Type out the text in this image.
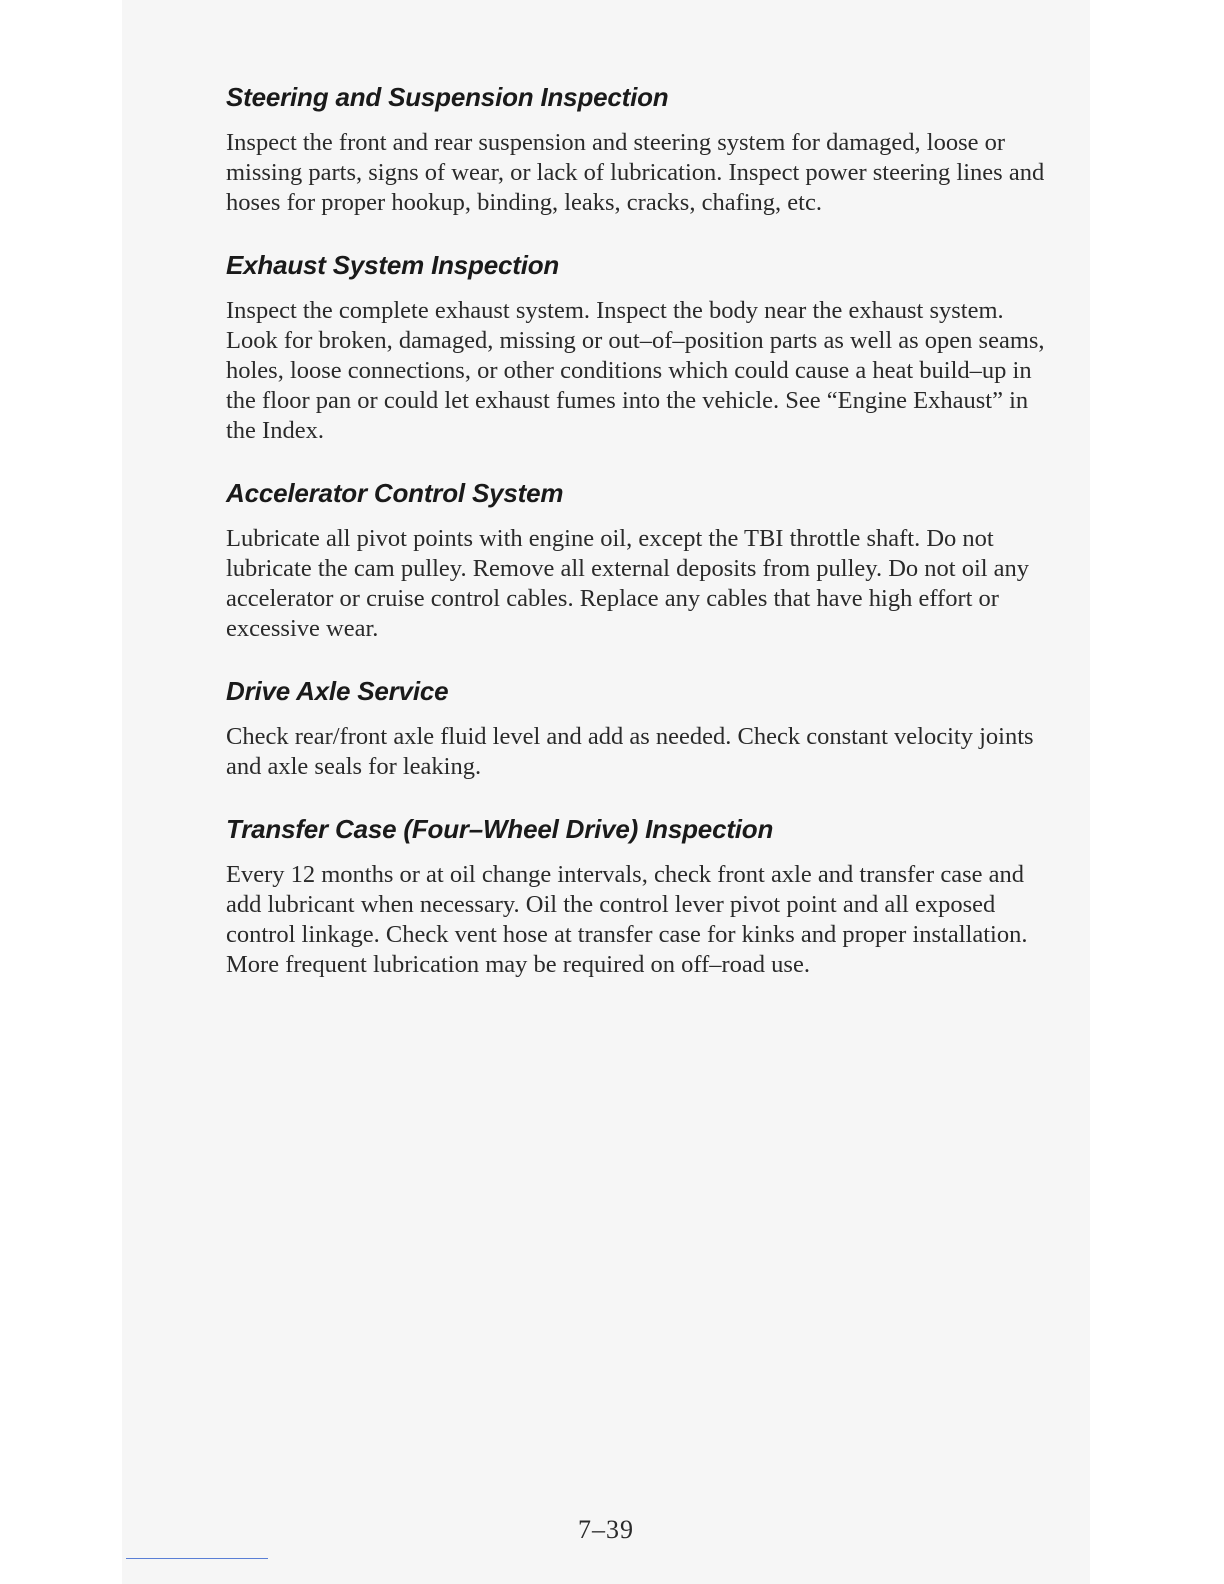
Steering and Suspension Inspection

Inspect the front and rear suspension and steering system for damaged, loose or missing parts, signs of wear, or lack of lubrication. Inspect power steering lines and hoses for proper hookup, binding, leaks, cracks, chafing, etc.

Exhaust System Inspection

Inspect the complete exhaust system. Inspect the body near the exhaust system. Look for broken, damaged, missing or out–of–position parts as well as open seams, holes, loose connections, or other conditions which could cause a heat build–up in the floor pan or could let exhaust fumes into the vehicle. See “Engine Exhaust” in the Index.

Accelerator Control System

Lubricate all pivot points with engine oil, except the TBI throttle shaft. Do not lubricate the cam pulley. Remove all external deposits from pulley. Do not oil any accelerator or cruise control cables. Replace any cables that have high effort or excessive wear.

Drive Axle Service

Check rear/front axle fluid level and add as needed. Check constant velocity joints and axle seals for leaking.

Transfer Case (Four–Wheel Drive) Inspection

Every 12 months or at oil change intervals, check front axle and transfer case and add lubricant when necessary. Oil the control lever pivot point and all exposed control linkage. Check vent hose at transfer case for kinks and proper installation. More frequent lubrication may be required on off–road use.

7–39
